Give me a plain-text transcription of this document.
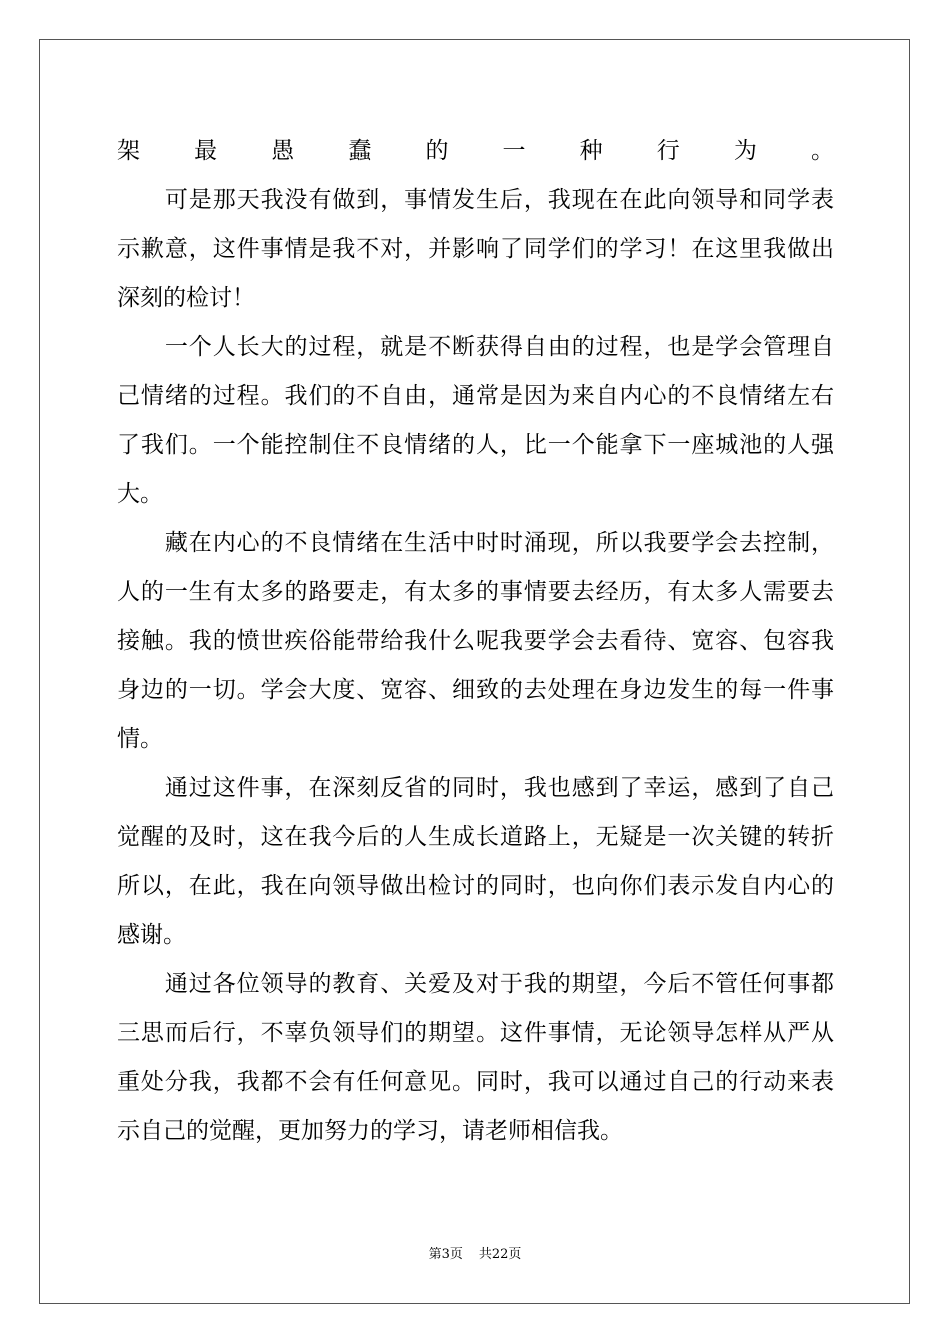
架最愚蠢的一种行为。
　　可是那天我没有做到，事情发生后，我现在在此向领导和同学表
示歉意，这件事情是我不对，并影响了同学们的学习！在这里我做出
深刻的检讨！
　　一个人长大的过程，就是不断获得自由的过程，也是学会管理自
己情绪的过程。我们的不自由，通常是因为来自内心的不良情绪左右
了我们。一个能控制住不良情绪的人，比一个能拿下一座城池的人强
大。
　　藏在内心的不良情绪在生活中时时涌现，所以我要学会去控制，
人的一生有太多的路要走，有太多的事情要去经历，有太多人需要去
接触。我的愤世疾俗能带给我什么呢我要学会去看待、宽容、包容我
身边的一切。学会大度、宽容、细致的去处理在身边发生的每一件事
情。
　　通过这件事，在深刻反省的同时，我也感到了幸运，感到了自己
觉醒的及时，这在我今后的人生成长道路上，无疑是一次关键的转折
所以，在此，我在向领导做出检讨的同时，也向你们表示发自内心的
感谢。
　　通过各位领导的教育、关爱及对于我的期望，今后不管任何事都
三思而后行，不辜负领导们的期望。这件事情，无论领导怎样从严从
重处分我，我都不会有任何意见。同时，我可以通过自己的行动来表
示自己的觉醒，更加努力的学习，请老师相信我。
第3页 共22页
